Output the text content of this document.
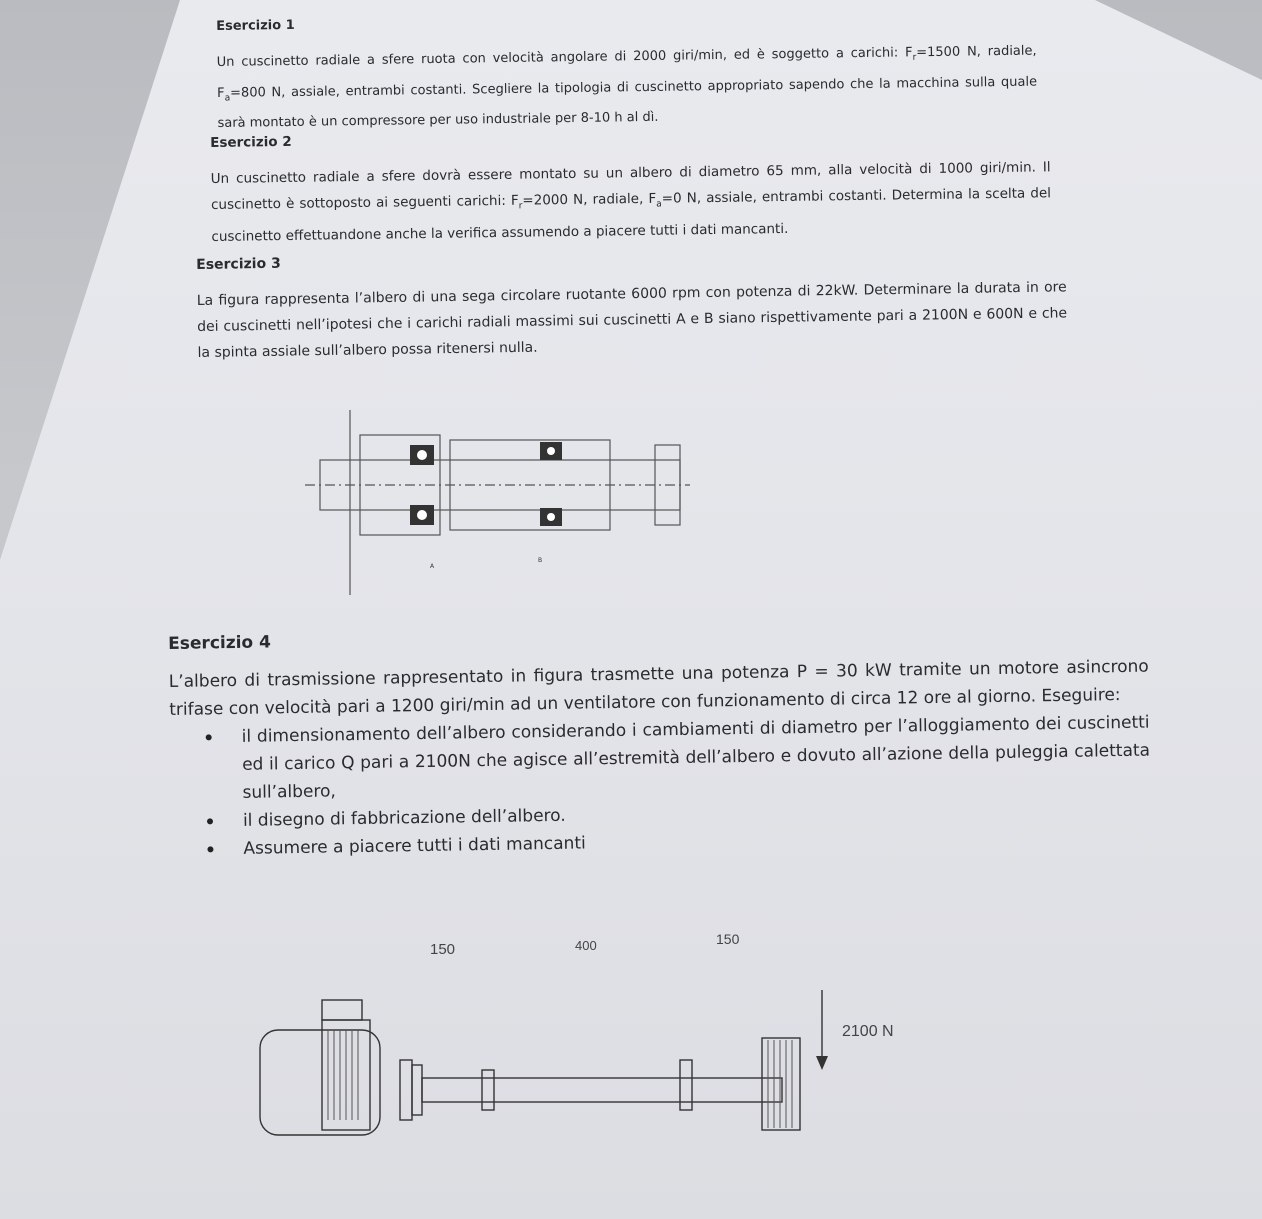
Esercizio 1
Un cuscinetto radiale a sfere ruota con velocità angolare di 2000 giri/min, ed è soggetto a carichi: $F_r=1500$ N, radiale, $F_a=800$ N, assiale, entrambi costanti. Scegliere la tipologia di cuscinetto appropriato sapendo che la macchina sulla quale sarà montato è un compressore per uso industriale per 8-10 h al dì.
Esercizio 2
Un cuscinetto radiale a sfere dovrà essere montato su un albero di diametro 65 mm, alla velocità di 1000 giri/min. Il cuscinetto è sottoposto ai seguenti carichi: $F_r=2000$ N, radiale, $F_a=0$ N, assiale, entrambi costanti. Determina la scelta del cuscinetto effettuandone anche la verifica assumendo a piacere tutti i dati mancanti.
Esercizio 3
La figura rappresenta l’albero di una sega circolare ruotante 6000 rpm con potenza di 22kW. Determinare la durata in ore dei cuscinetti nell’ipotesi che i carichi radiali massimi sui cuscinetti A e B siano rispettivamente pari a 2100N e 600N e che la spinta assiale sull’albero possa ritenersi nulla.
A
B
Esercizio 4
L’albero di trasmissione rappresentato in figura trasmette una potenza P = 30 kW tramite un motore asincrono trifase con velocità pari a 1200 giri/min ad un ventilatore con funzionamento di circa 12 ore al giorno. Eseguire:
il dimensionamento dell’albero considerando i cambiamenti di diametro per l’alloggiamento dei cuscinetti ed il carico Q pari a 2100N che agisce all’estremità dell’albero e dovuto all’azione della puleggia calettata sull’albero,
il disegno di fabbricazione dell’albero.
Assumere a piacere tutti i dati mancanti
150	400	150
2100 N
